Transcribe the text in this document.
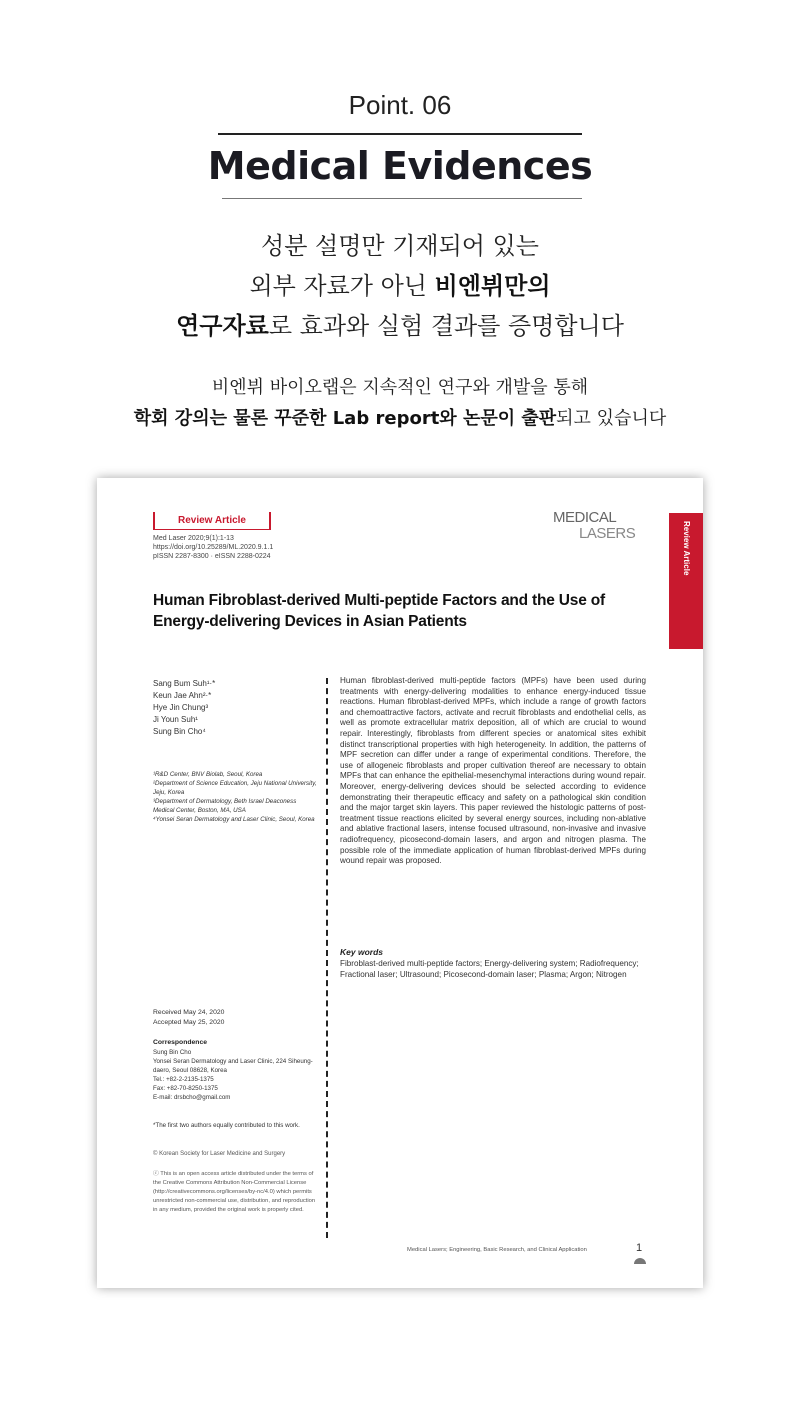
Point. 06
Medical Evidences
성분 설명만 기재되어 있는
외부 자료가 아닌 비엔뷔만의
연구자료로 효과와 실험 결과를 증명합니다
비엔뷔 바이오랩은 지속적인 연구와 개발을 통해
학회 강의는 물론 꾸준한 Lab report와 논문이 출판되고 있습니다
Review Article
Med Laser 2020;9(1):1-13
https://doi.org/10.25289/ML.2020.9.1.1
pISSN 2287-8300 · eISSN 2288-0224
MEDICAL
LASERS	Review Article
Human Fibroblast-derived Multi-peptide Factors and the Use of Energy-delivering Devices in Asian Patients
Sang Bum Suh¹·*
Keun Jae Ahn²·*
Hye Jin Chung³
Ji Youn Suh¹
Sung Bin Cho⁴
¹R&D Center, BNV Biolab, Seoul, Korea
²Department of Science Education, Jeju National University, Jeju, Korea
³Department of Dermatology, Beth Israel Deaconess Medical Center, Boston, MA, USA
⁴Yonsei Seran Dermatology and Laser Clinic, Seoul, Korea
Human fibroblast-derived multi-peptide factors (MPFs) have been used during treatments with energy-delivering modalities to enhance energy-induced tissue reactions. Human fibroblast-derived MPFs, which include a range of growth factors and chemoattractive factors, activate and recruit fibroblasts and endothelial cells, as well as promote extracellular matrix deposition, all of which are crucial to wound repair. Interestingly, fibroblasts from different species or anatomical sites exhibit distinct transcriptional properties with high heterogeneity. In addition, the patterns of MPF secretion can differ under a range of experimental conditions. Therefore, the use of allogeneic fibroblasts and proper cultivation thereof are necessary to obtain MPFs that can enhance the epithelial-mesenchymal interactions during wound repair. Moreover, energy-delivering devices should be selected according to evidence demonstrating their therapeutic efficacy and safety on a pathological skin condition and the major target skin layers. This paper reviewed the histologic patterns of post-treatment tissue reactions elicited by several energy sources, including non-ablative and ablative fractional lasers, intense focused ultrasound, non-invasive and invasive radiofrequency, picosecond-domain lasers, and argon and nitrogen plasma. The possible role of the immediate application of human fibroblast-derived MPFs during wound repair was proposed.
Key words
Fibroblast-derived multi-peptide factors; Energy-delivering system; Radiofrequency; Fractional laser; Ultrasound; Picosecond-domain laser; Plasma; Argon; Nitrogen
Received May 24, 2020
Accepted May 25, 2020
Correspondence
Sung Bin Cho
Yonsei Seran Dermatology and Laser Clinic, 224 Siheung-daero, Seoul 08628, Korea
Tel.: +82-2-2135-1375
Fax: +82-70-8250-1375
E-mail: drsbcho@gmail.com
*The first two authors equally contributed to this work.
© Korean Society for Laser Medicine and Surgery
ⓒ This is an open access article distributed under the terms of the Creative Commons Attribution Non-Commercial License (http://creativecommons.org/licenses/by-nc/4.0) which permits unrestricted non-commercial use, distribution, and reproduction in any medium, provided the original work is properly cited.
Medical Lasers; Engineering, Basic Research, and Clinical Application	1
